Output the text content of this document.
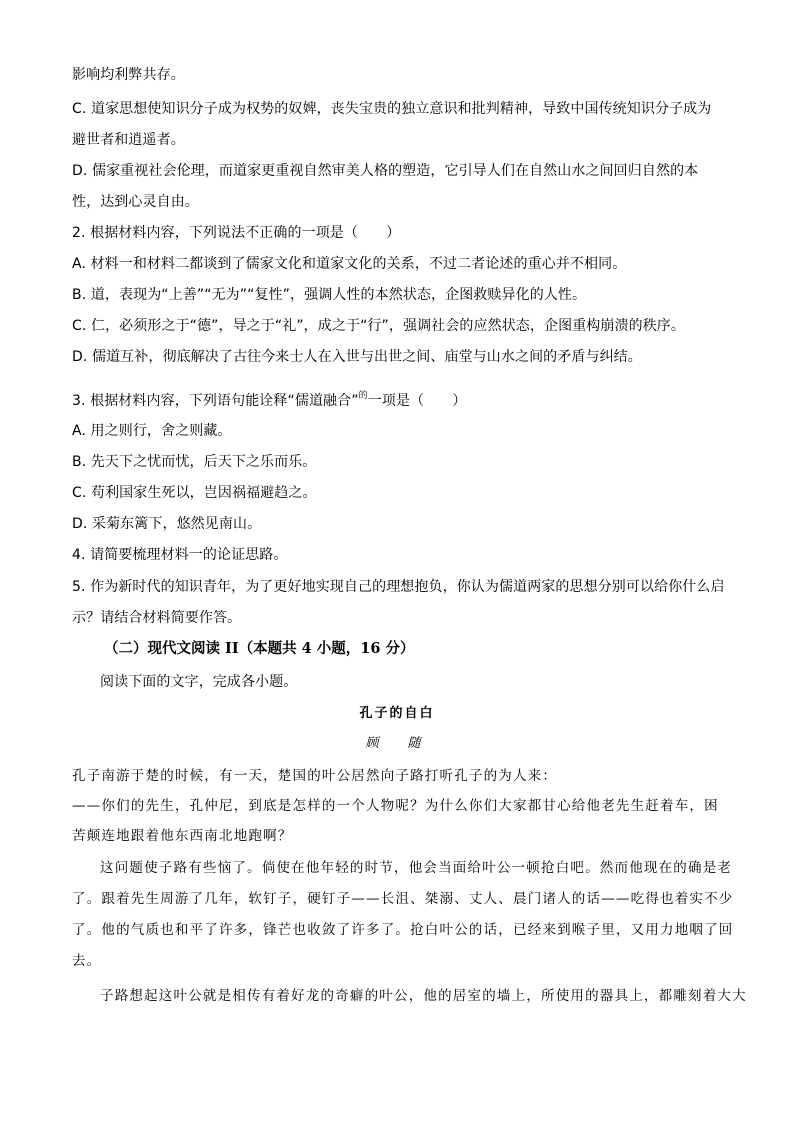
影响均利弊共存。
C. 道家思想使知识分子成为权势的奴婢，丧失宝贵的独立意识和批判精神，导致中国传统知识分子成为
避世者和逍遥者。
D. 儒家重视社会伦理，而道家更重视自然审美人格的塑造，它引导人们在自然山水之间回归自然的本
性，达到心灵自由。
2. 根据材料内容，下列说法不正确的一项是（　　）
A. 材料一和材料二都谈到了儒家文化和道家文化的关系，不过二者论述的重心并不相同。
B. 道，表现为“上善”“无为”“复性”，强调人性的本然状态，企图救赎异化的人性。
C. 仁，必须形之于“德”，导之于“礼”，成之于“行”，强调社会的应然状态，企图重构崩溃的秩序。
D. 儒道互补，彻底解决了古往今来士人在入世与出世之间、庙堂与山水之间的矛盾与纠结。
3. 根据材料内容，下列语句能诠释“儒道融合”$^的$一项是（　　）
A. 用之则行，舍之则藏。
B. 先天下之忧而忧，后天下之乐而乐。
C. 苟利国家生死以，岂因祸福避趋之。
D. 采菊东篱下，悠然见南山。
4. 请简要梳理材料一的论证思路。
5. 作为新时代的知识青年，为了更好地实现自己的理想抱负，你认为儒道两家的思想分别可以给你什么启
示？请结合材料简要作答。
（二）现代文阅读 II（本题共 4 小题，16 分）
阅读下面的文字，完成各小题。
孔子的自白
顾　随
孔子南游于楚的时候，有一天，楚国的叶公居然向子路打听孔子的为人来：
——你们的先生，孔仲尼，到底是怎样的一个人物呢？为什么你们大家都甘心给他老先生赶着车，困
苦颠连地跟着他东西南北地跑啊？
这问题使子路有些恼了。倘使在他年轻的时节，他会当面给叶公一顿抢白吧。然而他现在的确是老
了。跟着先生周游了几年，软钉子，硬钉子——长沮、桀溺、丈人、晨门诸人的话——吃得也着实不少
了。他的气质也和平了许多，锋芒也收敛了许多了。抢白叶公的话，已经来到喉子里，又用力地咽了回
去。
子路想起这叶公就是相传有着好龙的奇癖的叶公，他的居室的墙上，所使用的器具上，都雕刻着大大
